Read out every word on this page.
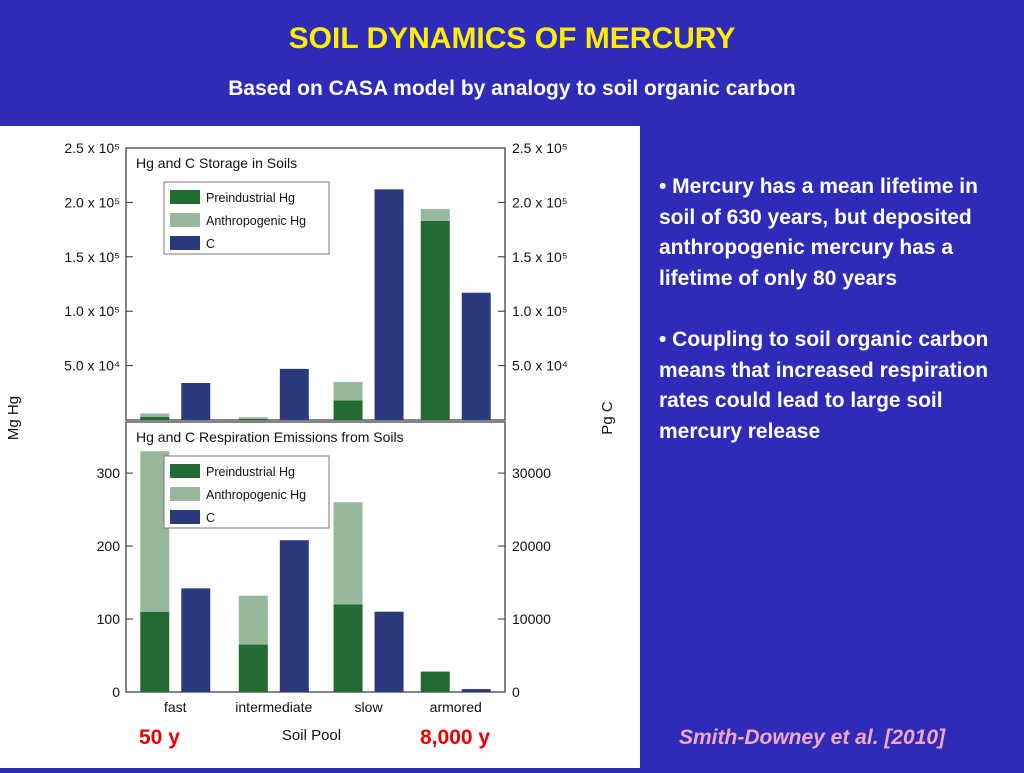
SOIL DYNAMICS OF MERCURY
Based on CASA model by analogy to soil organic carbon
Hg and C Storage in Soils
5.0 x 10⁴
1.0 x 10⁵
1.5 x 10⁵
2.0 x 10⁵
2.5 x 10⁵
5.0 x 10⁴
1.0 x 10⁵
1.5 x 10⁵
2.0 x 10⁵
2.5 x 10⁵
Preindustrial Hg
Anthropogenic Hg
C
Hg and C Respiration Emissions from Soils
0
100
200
300
0
10000
20000
30000
fast	intermediate	slow	armored
Preindustrial Hg
Anthropogenic Hg
C
Soil Pool
Mg Hg	Pg C

• Mercury has a mean lifetime in soil of 630 years, but deposited anthropogenic mercury has a lifetime of only 80 years

• Coupling to soil organic carbon means that increased respiration rates could lead to large soil mercury release

50 y	8,000 y	Smith-Downey et al. [2010]
